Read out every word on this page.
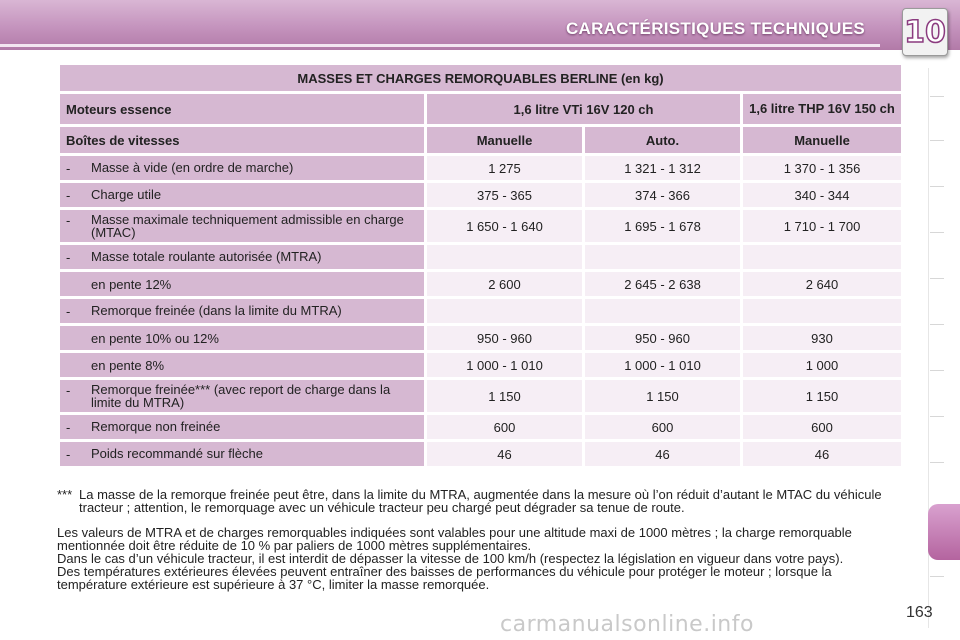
CARACTÉRISTIQUES TECHNIQUES 10
MASSES ET CHARGES REMORQUABLES BERLINE (en kg)			
Moteurs essence	1,6 litre VTi 16V 120 ch		1,6 litre THP 16V 150 ch
Boîtes de vitesses	Manuelle	Auto.	Manuelle

- Masse à vide (en ordre de marche)	1 275	1 321 - 1 312	1 370 - 1 356

- Charge utile	375 - 365	374 - 366	340 - 344

- Masse maximale techniquement admissible en charge (MTAC)	1 650 - 1 640	1 695 - 1 678	1 710 - 1 700

- Masse totale roulante autorisée (MTRA)			

en pente 12%	2 600	2 645 - 2 638	2 640

- Remorque freinée (dans la limite du MTRA)			

en pente 10% ou 12%	950 - 960	950 - 960	930

en pente 8%	1 000 - 1 010	1 000 - 1 010	1 000

- Remorque freinée*** (avec report de charge dans la limite du MTRA)	1 150	1 150	1 150

- Remorque non freinée	600	600	600

- Poids recommandé sur flèche	46	46	46
*** La masse de la remorque freinée peut être, dans la limite du MTRA, augmentée dans la mesure où l’on réduit d’autant le MTAC du véhicule tracteur ; attention, le remorquage avec un véhicule tracteur peu chargé peut dégrader sa tenue de route.
Les valeurs de MTRA et de charges remorquables indiquées sont valables pour une altitude maxi de 1000 mètres ; la charge remorquable mentionnée doit être réduite de 10 % par paliers de 1000 mètres supplémentaires.
Dans le cas d’un véhicule tracteur, il est interdit de dépasser la vitesse de 100 km/h (respectez la législation en vigueur dans votre pays).
Des températures extérieures élevées peuvent entraîner des baisses de performances du véhicule pour protéger le moteur ; lorsque la température extérieure est supérieure à 37 °C, limiter la masse remorquée.
163
carmanualsonline.info
